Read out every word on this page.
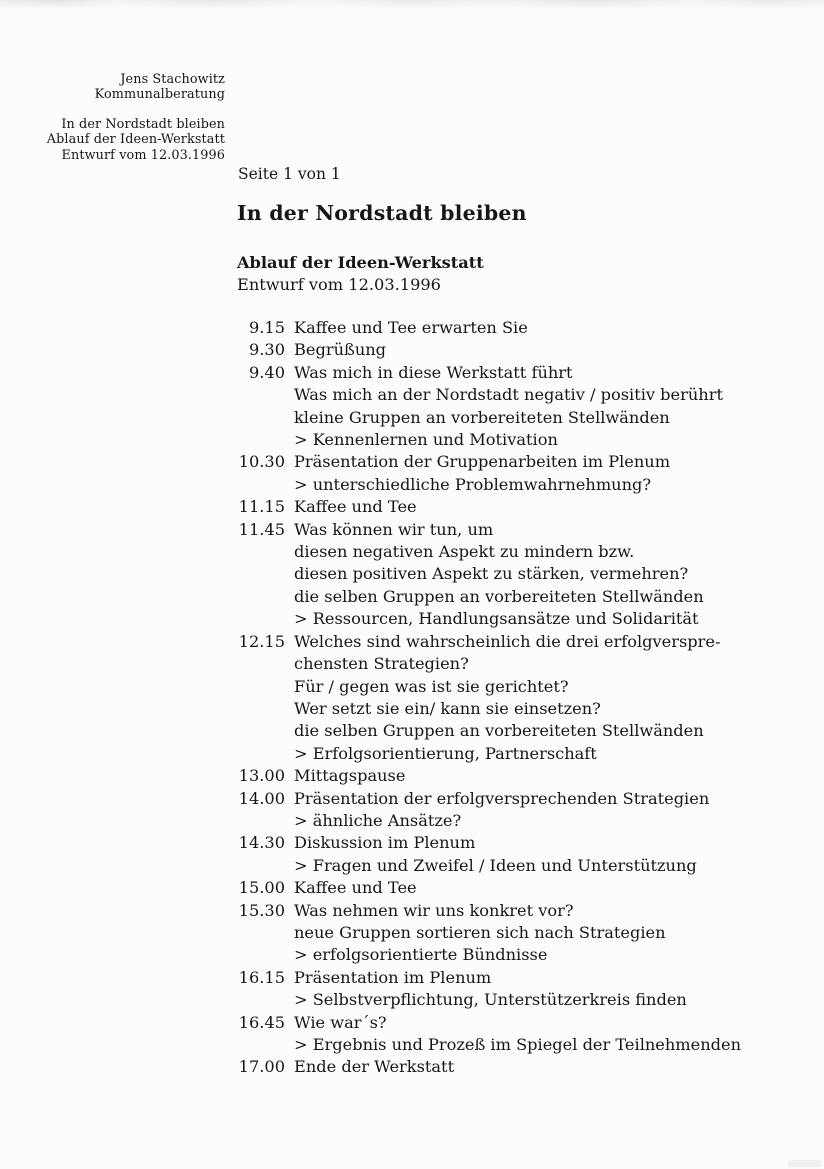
Jens Stachowitz
Kommunalberatung
In der Nordstadt bleiben
Ablauf der Ideen-Werkstatt
Entwurf vom 12.03.1996
Seite 1 von 1
In der Nordstadt bleiben
Ablauf der Ideen-Werkstatt
Entwurf vom 12.03.1996
9.15 Kaffee und Tee erwarten Sie
9.30 Begrüßung
9.40 Was mich in diese Werkstatt führt
Was mich an der Nordstadt negativ / positiv berührt
kleine Gruppen an vorbereiteten Stellwänden
> Kennenlernen und Motivation
10.30 Präsentation der Gruppenarbeiten im Plenum
> unterschiedliche Problemwahrnehmung?
11.15 Kaffee und Tee
11.45 Was können wir tun, um
diesen negativen Aspekt zu mindern bzw.
diesen positiven Aspekt zu stärken, vermehren?
die selben Gruppen an vorbereiteten Stellwänden
> Ressourcen, Handlungsansätze und Solidarität
12.15 Welches sind wahrscheinlich die drei erfolgverspre-
chensten Strategien?
Für / gegen was ist sie gerichtet?
Wer setzt sie ein/ kann sie einsetzen?
die selben Gruppen an vorbereiteten Stellwänden
> Erfolgsorientierung, Partnerschaft
13.00 Mittagspause
14.00 Präsentation der erfolgversprechenden Strategien
> ähnliche Ansätze?
14.30 Diskussion im Plenum
> Fragen und Zweifel / Ideen und Unterstützung
15.00 Kaffee und Tee
15.30 Was nehmen wir uns konkret vor?
neue Gruppen sortieren sich nach Strategien
> erfolgsorientierte Bündnisse
16.15 Präsentation im Plenum
> Selbstverpflichtung, Unterstützerkreis finden
16.45 Wie war´s?
> Ergebnis und Prozeß im Spiegel der Teilnehmenden
17.00 Ende der Werkstatt
